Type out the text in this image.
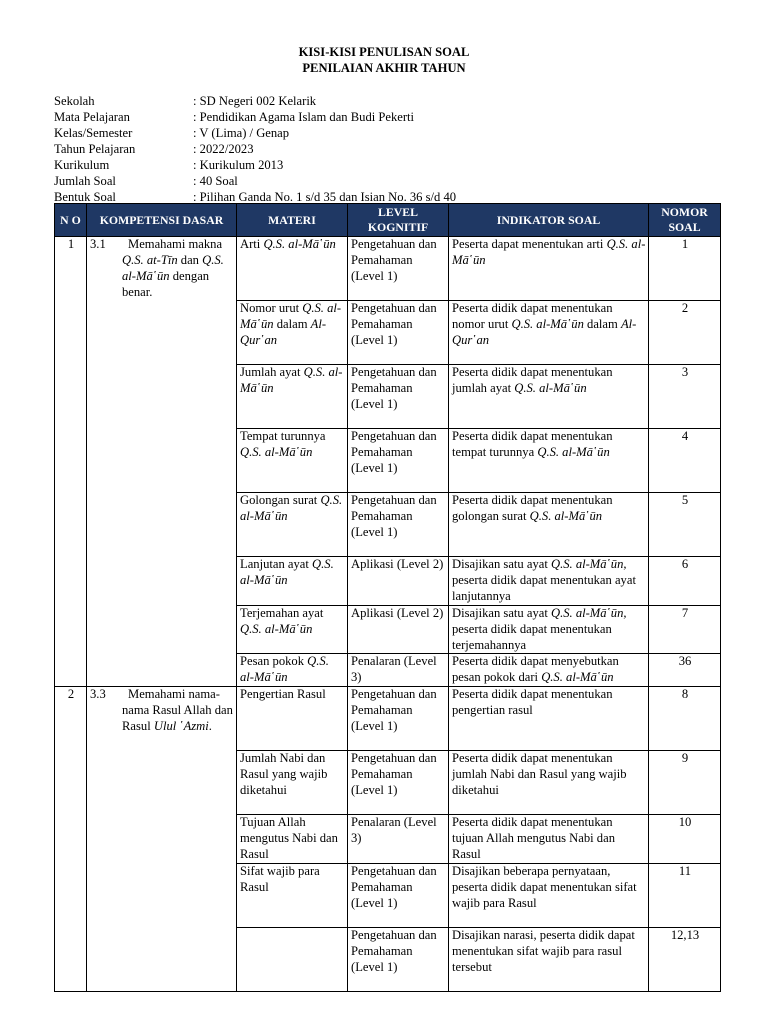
KISI-KISI PENULISAN SOAL
PENILAIAN AKHIR TAHUN
Sekolah	: SD Negeri 002 Kelarik
Mata Pelajaran	: Pendidikan Agama Islam dan Budi Pekerti
Kelas/Semester	: V (Lima) / Genap
Tahun Pelajaran	: 2022/2023
Kurikulum	: Kurikulum 2013
Jumlah Soal	: 40 Soal
Bentuk Soal	: Pilihan Ganda No. 1 s/d 35 dan Isian No. 36 s/d 40
N O	KOMPETENSI DASAR	MATERI	LEVEL KOGNITIF	INDIKATOR SOAL	NOMOR SOAL
1	3.1 Memahami makna Q.S. at-Tīn dan Q.S. al-Mā῾ūn dengan benar.	Arti Q.S. al-Mā῾ūn	Pengetahuan dan Pemahaman (Level 1)	Peserta dapat menentukan arti Q.S. al-Mā῾ūn	1
		Nomor urut Q.S. al-Mā῾ūn dalam Al-Qur῾an	Pengetahuan dan Pemahaman (Level 1)	Peserta didik dapat menentukan nomor urut Q.S. al-Mā῾ūn dalam Al-Qur῾an	2
		Jumlah ayat Q.S. al-Mā῾ūn	Pengetahuan dan Pemahaman (Level 1)	Peserta didik dapat menentukan jumlah ayat Q.S. al-Mā῾ūn	3
		Tempat turunnya Q.S. al-Mā῾ūn	Pengetahuan dan Pemahaman (Level 1)	Peserta didik dapat menentukan tempat turunnya Q.S. al-Mā῾ūn	4
		Golongan surat Q.S. al-Mā῾ūn	Pengetahuan dan Pemahaman (Level 1)	Peserta didik dapat menentukan golongan surat Q.S. al-Mā῾ūn	5
		Lanjutan ayat Q.S. al-Mā῾ūn	Aplikasi (Level 2)	Disajikan satu ayat Q.S. al-Mā῾ūn, peserta didik dapat menentukan ayat lanjutannya	6
		Terjemahan ayat Q.S. al-Mā῾ūn	Aplikasi (Level 2)	Disajikan satu ayat Q.S. al-Mā῾ūn, peserta didik dapat menentukan terjemahannya	7
		Pesan pokok Q.S. al-Mā῾ūn	Penalaran (Level 3)	Peserta didik dapat menyebutkan pesan pokok dari Q.S. al-Mā῾ūn	36
2	3.3 Memahami nama-nama Rasul Allah dan Rasul Ulul ῾Azmi.	Pengertian Rasul	Pengetahuan dan Pemahaman (Level 1)	Peserta didik dapat menentukan pengertian rasul	8
		Jumlah Nabi dan Rasul yang wajib diketahui	Pengetahuan dan Pemahaman (Level 1)	Peserta didik dapat menentukan jumlah Nabi dan Rasul yang wajib diketahui	9
		Tujuan Allah mengutus Nabi dan Rasul	Penalaran (Level 3)	Peserta didik dapat menentukan tujuan Allah mengutus Nabi dan Rasul	10
		Sifat wajib para Rasul	Pengetahuan dan Pemahaman (Level 1)	Disajikan beberapa pernyataan, peserta didik dapat menentukan sifat wajib para Rasul	11
			Pengetahuan dan Pemahaman (Level 1)	Disajikan narasi, peserta didik dapat menentukan sifat wajib para rasul tersebut	12,13
